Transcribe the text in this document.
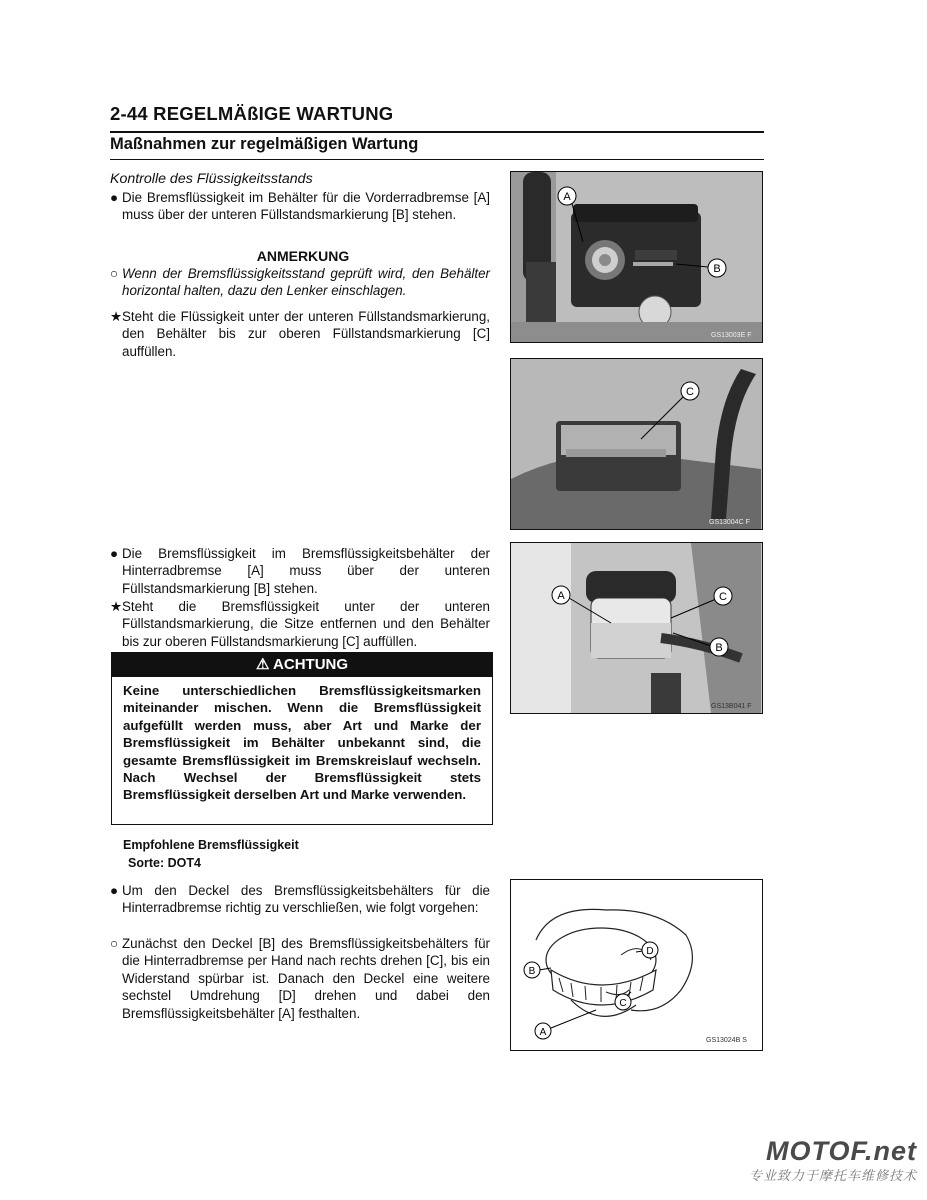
2-44 REGELMÄßIGE WARTUNG
Maßnahmen zur regelmäßigen Wartung
Kontrolle des Flüssigkeitsstands
● Die Bremsflüssigkeit im Behälter für die Vorderradbremse [A] muss über der unteren Füllstandsmarkierung [B] stehen.
ANMERKUNG
○ Wenn der Bremsflüssigkeitsstand geprüft wird, den Behälter horizontal halten, dazu den Lenker einschlagen.
★ Steht die Flüssigkeit unter der unteren Füllstandsmarkierung, den Behälter bis zur oberen Füllstandsmarkierung [C] auffüllen.
● Die Bremsflüssigkeit im Bremsflüssigkeitsbehälter der Hinterradbremse [A] muss über der unteren Füllstandsmarkierung [B] stehen.
★ Steht die Bremsflüssigkeit unter der unteren Füllstandsmarkierung, die Sitze entfernen und den Behälter bis zur oberen Füllstandsmarkierung [C] auffüllen.
⚠ ACHTUNG
Keine unterschiedlichen Bremsflüssigkeitsmarken miteinander mischen. Wenn die Bremsflüssigkeit aufgefüllt werden muss, aber Art und Marke der Bremsflüssigkeit im Behälter unbekannt sind, die gesamte Bremsflüssigkeit im Bremskreislauf wechseln. Nach Wechsel der Bremsflüssigkeit stets Bremsflüssigkeit derselben Art und Marke verwenden.
Empfohlene Bremsflüssigkeit
Sorte: DOT4
● Um den Deckel des Bremsflüssigkeitsbehälters für die Hinterradbremse richtig zu verschließen, wie folgt vorgehen:
○ Zunächst den Deckel [B] des Bremsflüssigkeitsbehälters für die Hinterradbremse per Hand nach rechts drehen [C], bis ein Widerstand spürbar ist. Danach den Deckel eine weitere sechstel Umdrehung [D] drehen und dabei den Bremsflüssigkeitsbehälter [A] festhalten.
A
B
GS13003E F
C
GS13004C F
A	C
B
GS13B041 F
D
B
C
A
GS13024B S
MOTOF.net
专业致力于摩托车维修技术
